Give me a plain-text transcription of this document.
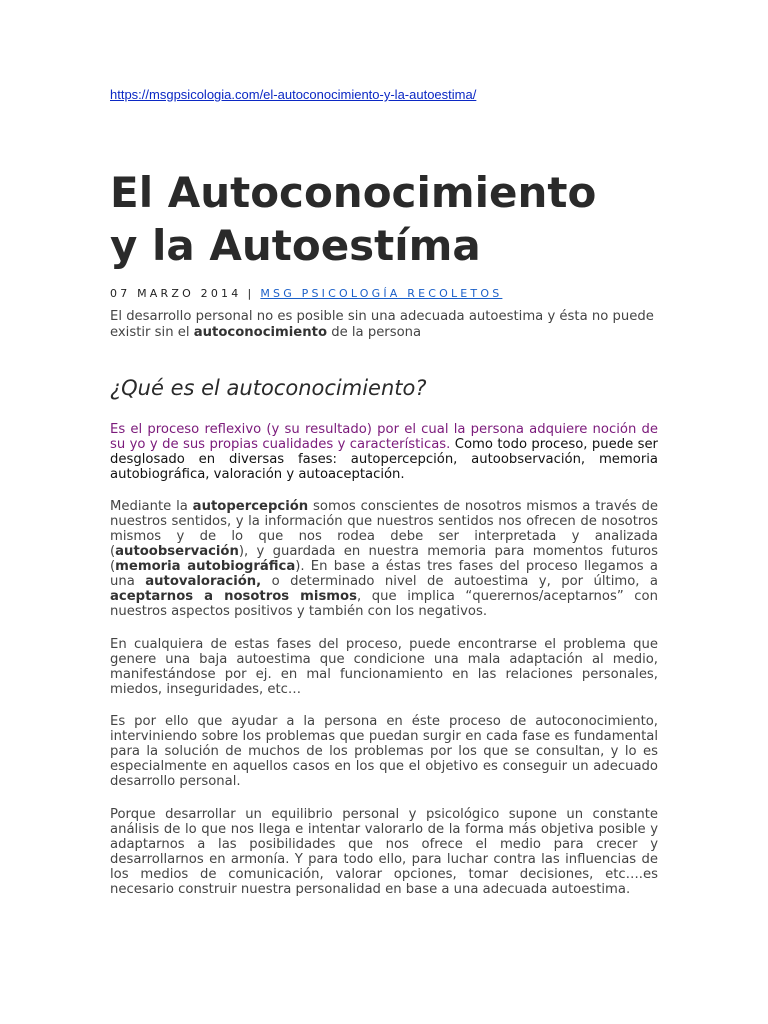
https://msgpsicologia.com/el-autoconocimiento-y-la-autoestima/
El Autoconocimiento
y la Autoestíma
07 MARZO 2014 | MSG PSICOLOGÍA RECOLETOS

El desarrollo personal no es posible sin una adecuada autoestima y ésta no puede existir sin el autoconocimiento de la persona

¿Qué es el autoconocimiento?

Es el proceso reflexivo (y su resultado) por el cual la persona adquiere noción de su yo y de sus propias cualidades y características. Como todo proceso, puede ser desglosado en diversas fases: autopercepción, autoobservación, memoria autobiográfica, valoración y autoaceptación.

Mediante la autopercepción somos conscientes de nosotros mismos a través de nuestros sentidos, y la información que nuestros sentidos nos ofrecen de nosotros mismos y de lo que nos rodea debe ser interpretada y analizada (autoobservación), y guardada en nuestra memoria para momentos futuros (memoria autobiográfica). En base a éstas tres fases del proceso llegamos a una autovaloración, o determinado nivel de autoestima y, por último, a aceptarnos a nosotros mismos, que implica “querernos/aceptarnos” con nuestros aspectos positivos y también con los negativos.

En cualquiera de estas fases del proceso, puede encontrarse el problema que genere una baja autoestima que condicione una mala adaptación al medio, manifestándose por ej. en mal funcionamiento en las relaciones personales, miedos, inseguridades, etc…

Es por ello que ayudar a la persona en éste proceso de autoconocimiento, interviniendo sobre los problemas que puedan surgir en cada fase es fundamental para la solución de muchos de los problemas por los que se consultan, y lo es especialmente en aquellos casos en los que el objetivo es conseguir un adecuado desarrollo personal.

Porque desarrollar un equilibrio personal y psicológico supone un constante análisis de lo que nos llega e intentar valorarlo de la forma más objetiva posible y adaptarnos a las posibilidades que nos ofrece el medio para crecer y desarrollarnos en armonía. Y para todo ello, para luchar contra las influencias de los medios de comunicación, valorar opciones, tomar decisiones, etc….es necesario construir nuestra personalidad en base a una adecuada autoestima.
